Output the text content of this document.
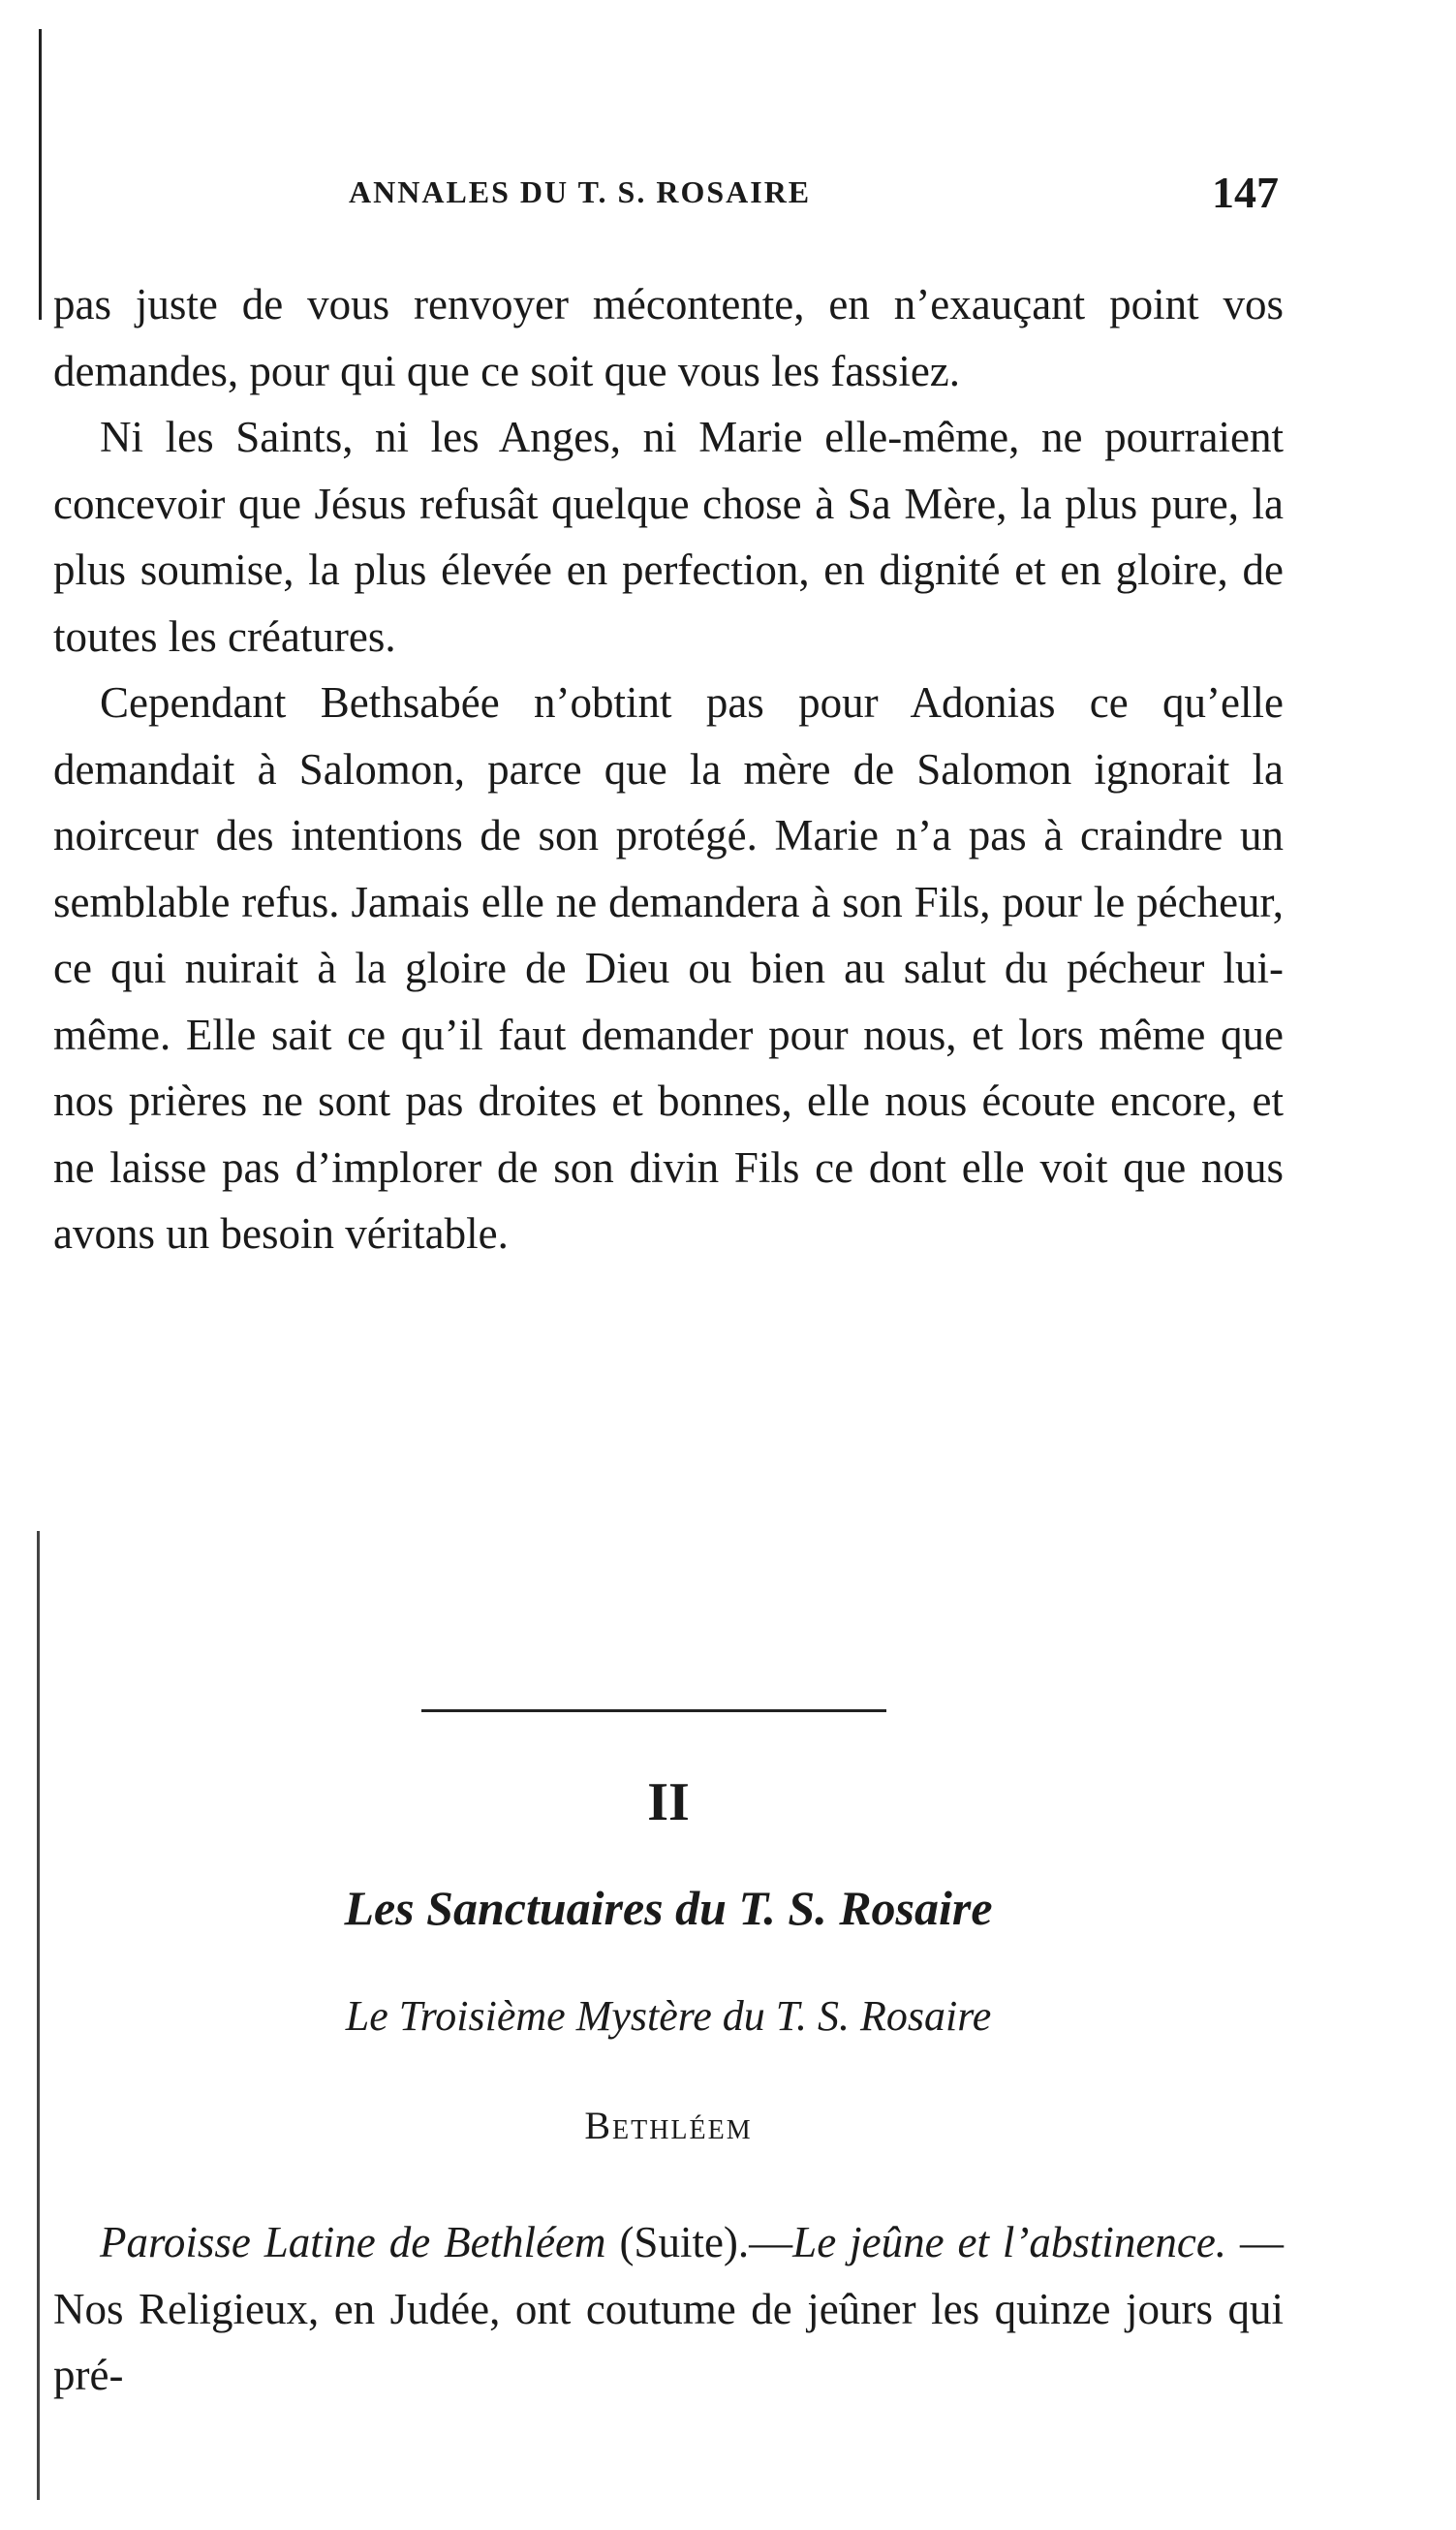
ANNALES DU T. S. ROSAIRE	147

pas juste de vous renvoyer mécontente, en n’exauçant point vos demandes, pour qui que ce soit que vous les fassiez.

Ni les Saints, ni les Anges, ni Marie elle-même, ne pourraient concevoir que Jésus refusât quelque chose à Sa Mère, la plus pure, la plus soumise, la plus élevée en perfection, en dignité et en gloire, de toutes les créatures.

Cependant Bethsabée n’obtint pas pour Adonias ce qu’elle demandait à Salomon, parce que la mère de Salomon ignorait la noirceur des intentions de son protégé. Marie n’a pas à craindre un semblable refus. Jamais elle ne demandera à son Fils, pour le pécheur, ce qui nuirait à la gloire de Dieu ou bien au salut du pécheur lui-même. Elle sait ce qu’il faut demander pour nous, et lors même que nos prières ne sont pas droites et bonnes, elle nous écoute encore, et ne laisse pas d’implorer de son divin Fils ce dont elle voit que nous avons un besoin véritable.

II
Les Sanctuaires du T. S. Rosaire
Le Troisième Mystère du T. S. Rosaire
Bethléem

Paroisse Latine de Bethléem (Suite).—Le jeûne et l’abstinence. —Nos Religieux, en Judée, ont coutume de jeûner les quinze jours qui pré-
